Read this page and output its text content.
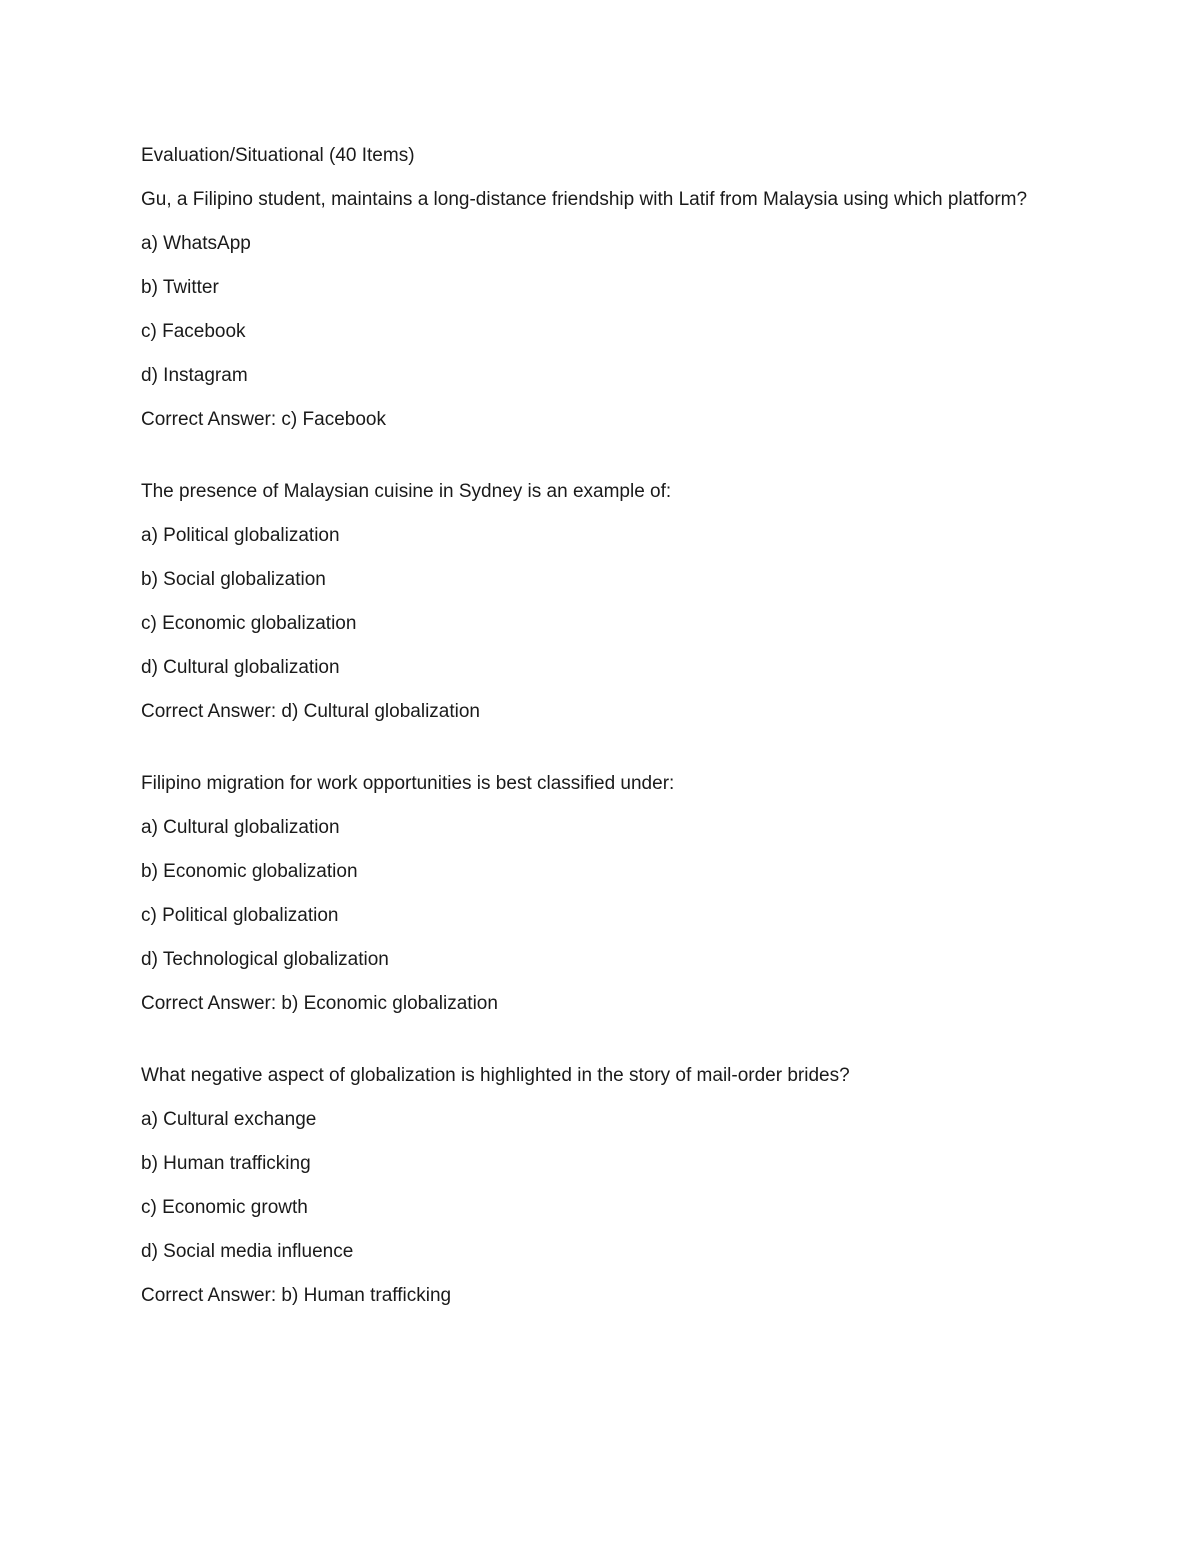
Evaluation/Situational (40 Items)
Gu, a Filipino student, maintains a long-distance friendship with Latif from Malaysia using which platform?
a) WhatsApp
b) Twitter
c) Facebook
d) Instagram
Correct Answer: c) Facebook
The presence of Malaysian cuisine in Sydney is an example of:
a) Political globalization
b) Social globalization
c) Economic globalization
d) Cultural globalization
Correct Answer: d) Cultural globalization
Filipino migration for work opportunities is best classified under:
a) Cultural globalization
b) Economic globalization
c) Political globalization
d) Technological globalization
Correct Answer: b) Economic globalization
What negative aspect of globalization is highlighted in the story of mail-order brides?
a) Cultural exchange
b) Human trafficking
c) Economic growth
d) Social media influence
Correct Answer: b) Human trafficking
